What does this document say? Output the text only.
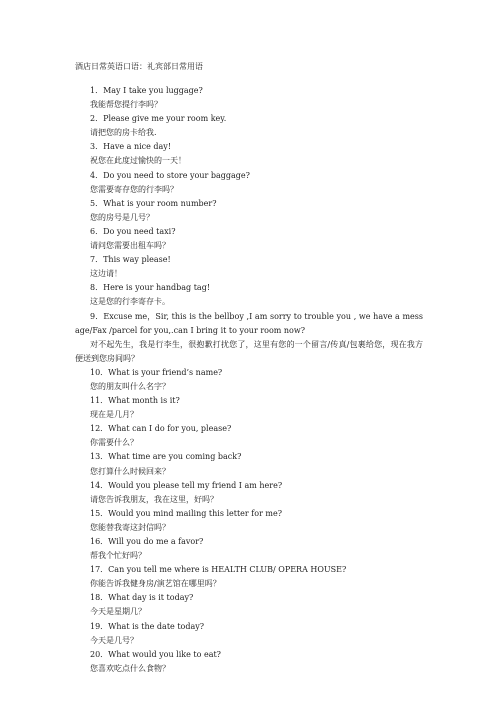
酒店日常英语口语：礼宾部日常用语
1．May I take you luggage?
我能帮您提行李吗？
2．Please give me your room key.
请把您的房卡给我.
3．Have a nice day!
祝您在此度过愉快的一天！
4．Do you need to store your baggage?
您需要寄存您的行李吗？
5．What is your room number?
您的房号是几号？
6．Do you need taxi?
请问您需要出租车吗？
7．This way please!
这边请！
8．Here is your handbag tag!
这是您的行李寄存卡。
9．Excuse me，Sir, this is the bellboy ,I am sorry to trouble you , we have a message/Fax /parcel for you,.can I bring it to your room now?
对不起先生，我是行李生，很抱歉打扰您了，这里有您的一个留言/传真/包裹给您，现在我方便送到您房间吗？
10．What is your friend’s name?
您的朋友叫什么名字？
11．What month is it?
现在是几月？
12．What can I do for you, please?
你需要什么？
13．What time are you coming back?
您打算什么时候回来？
14．Would you please tell my friend I am here?
请您告诉我朋友，我在这里，好吗？
15．Would you mind mailing this letter for me?
您能替我寄这封信吗？
16．Will you do me a favor?
帮我个忙好吗？
17．Can you tell me where is HEALTH CLUB/ OPERA HOUSE?
你能告诉我健身房/演艺馆在哪里吗？
18．What day is it today?
今天是星期几？
19．What is the date today?
今天是几号？
20．What would you like to eat?
您喜欢吃点什么食物？
